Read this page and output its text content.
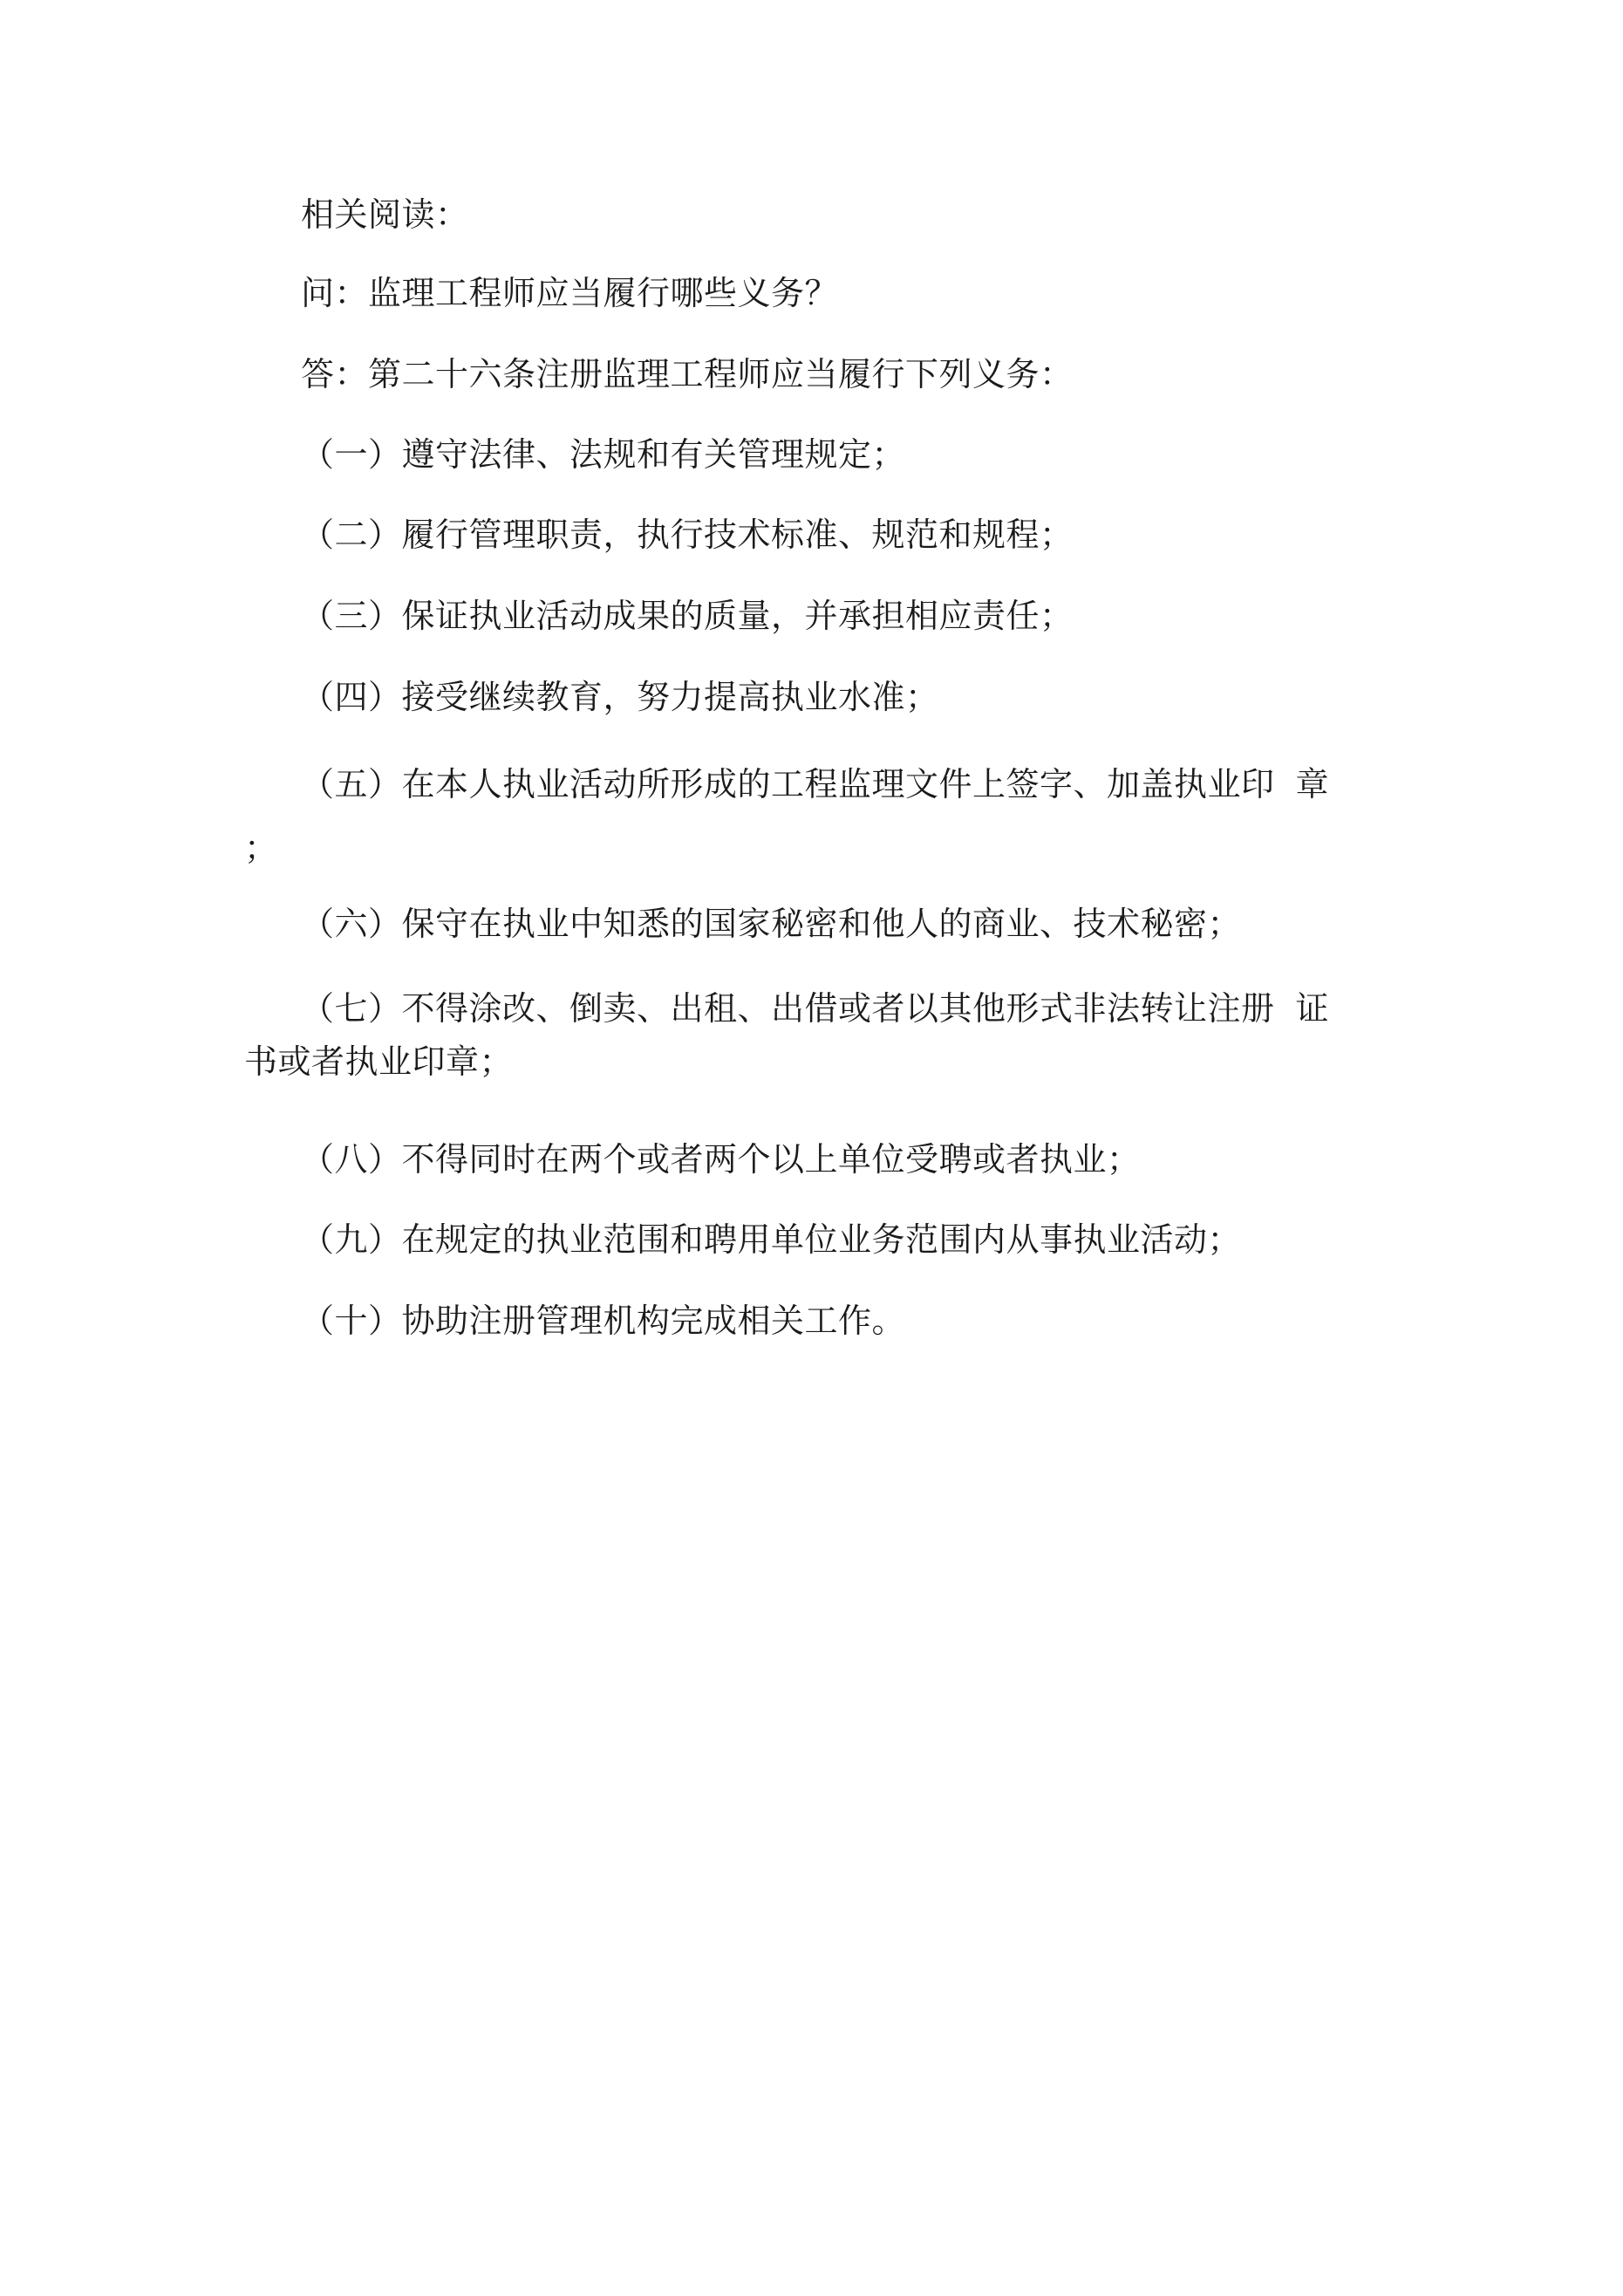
相关阅读：
问：监理工程师应当履行哪些义务？
答：第二十六条注册监理工程师应当履行下列义务：
（一）遵守法律、法规和有关管理规定；
（二）履行管理职责，执行技术标准、规范和规程；
（三）保证执业活动成果的质量，并承担相应责任；
（四）接受继续教育，努力提高执业水准；
（五）在本人执业活动所形成的工程监理文件上签字、加盖执业印 章
；
（六）保守在执业中知悉的国家秘密和他人的商业、技术秘密；
（七）不得涂改、倒卖、出租、出借或者以其他形式非法转让注册 证
书或者执业印章；
（八）不得同时在两个或者两个以上单位受聘或者执业；
（九）在规定的执业范围和聘用单位业务范围内从事执业活动；
（十）协助注册管理机构完成相关工作。
